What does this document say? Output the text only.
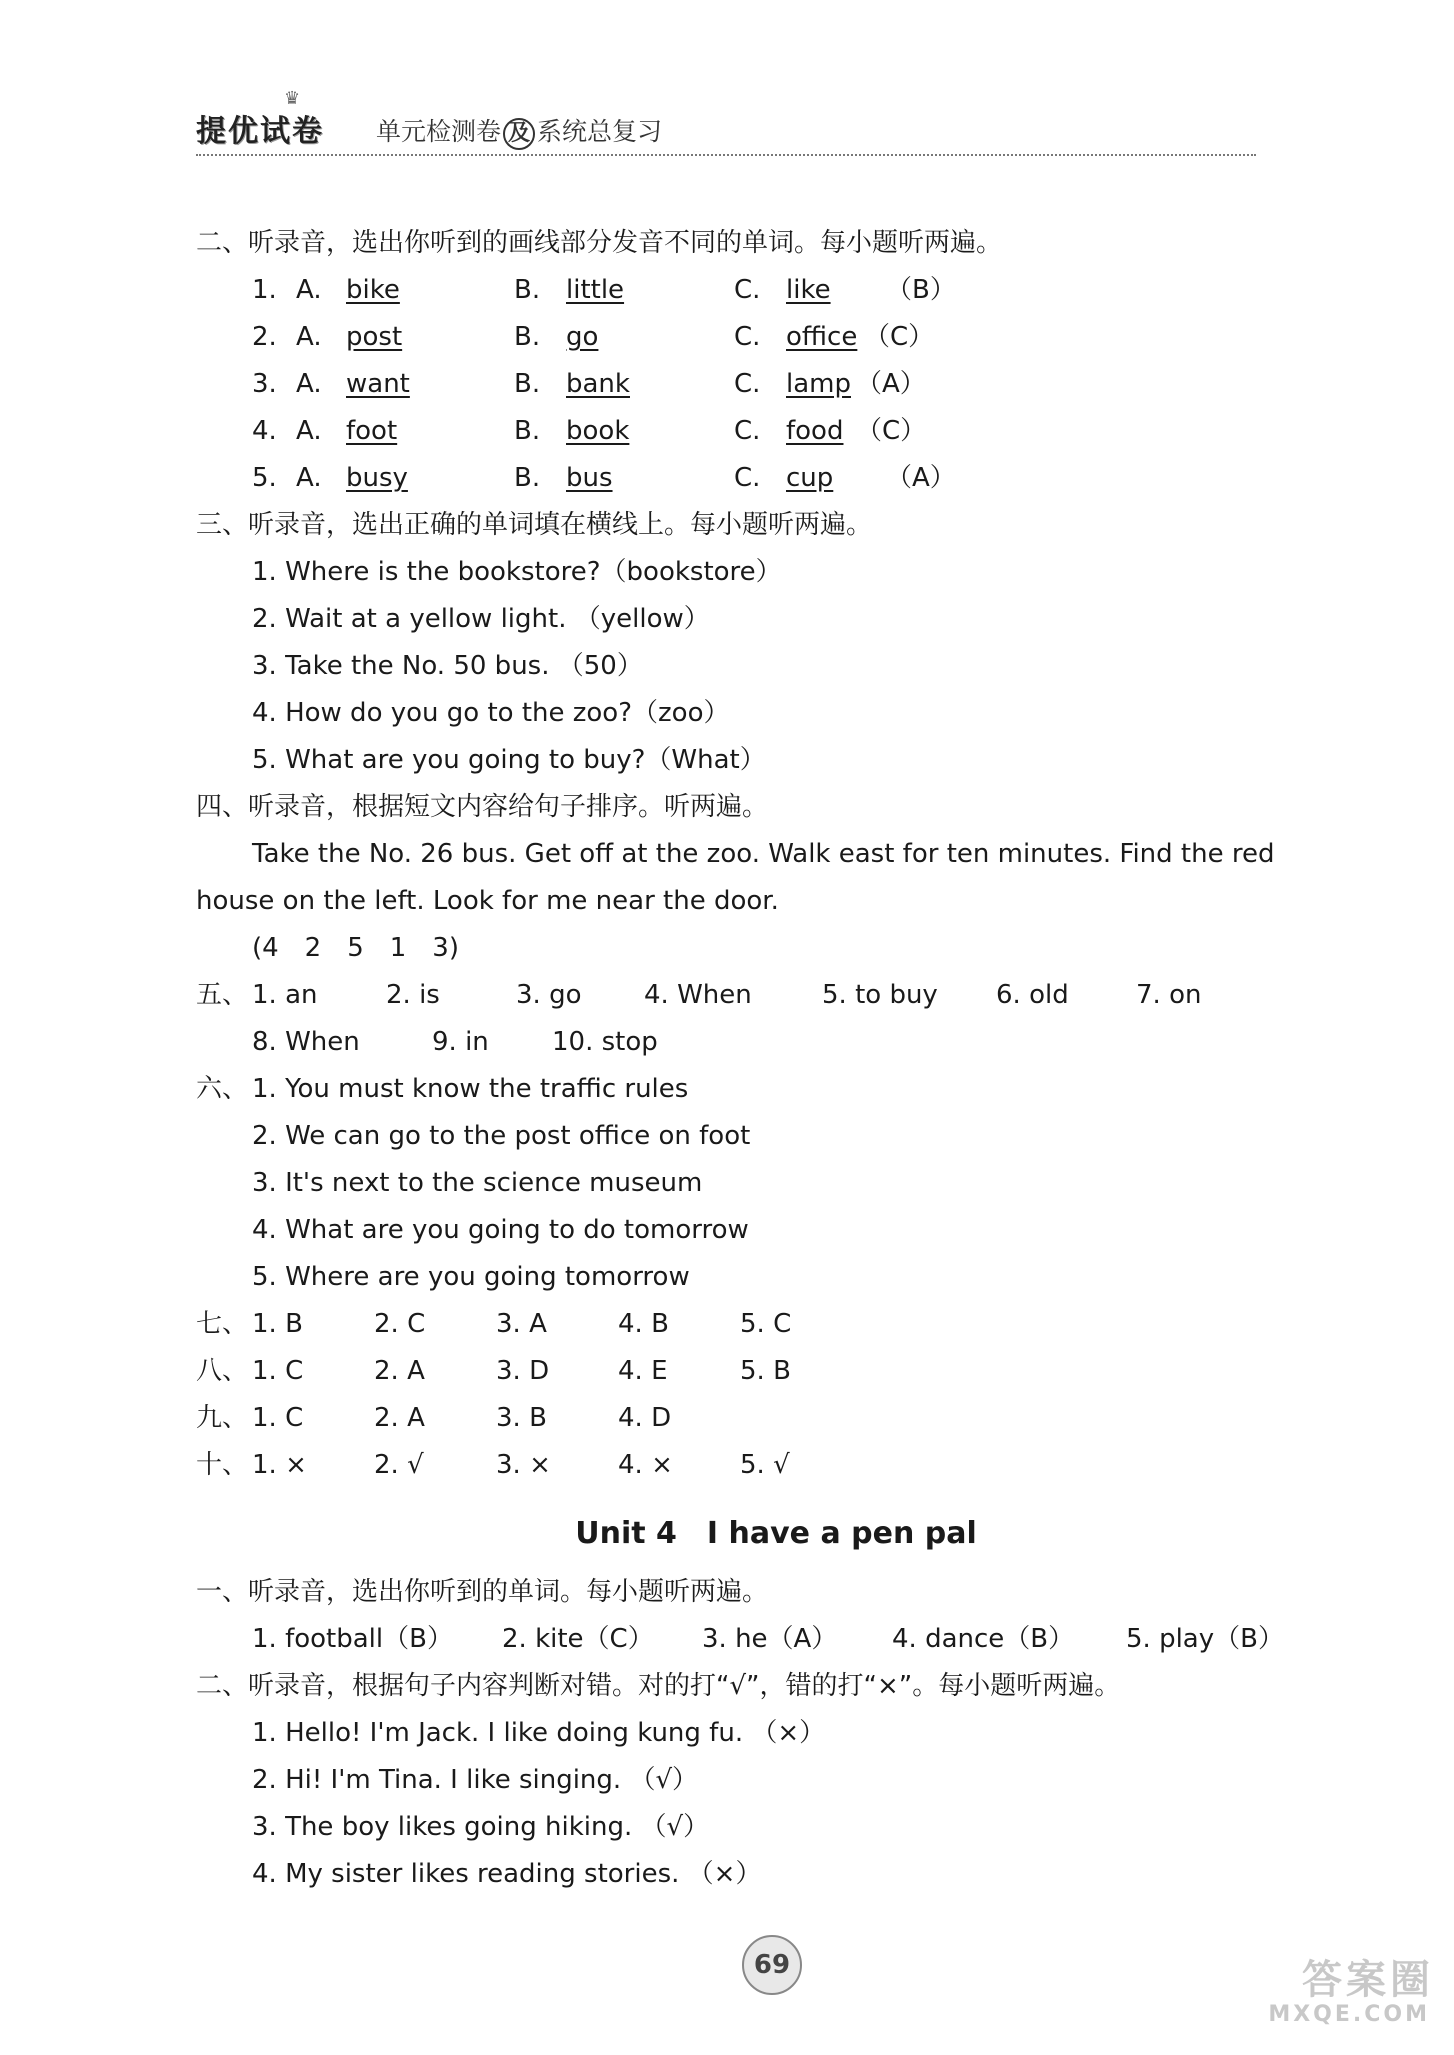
提优试卷
♛
单元检测卷 及 系统总复习
二、听录音，选出你听到的画线部分发音不同的单词。每小题听两遍。
1. A. bike	B. little	C. like （B）
2. A. post	B. go	C. office （C）
3. A. want	B. bank	C. lamp （A）
4. A. foot	B. book	C. food （C）
5. A. busy	B. bus	C. cup （A）
三、听录音，选出正确的单词填在横线上。每小题听两遍。
1. Where is the bookstore?（bookstore）
2. Wait at a yellow light. （yellow）
3. Take the No. 50 bus. （50）
4. How do you go to the zoo?（zoo）
5. What are you going to buy?（What）
四、听录音，根据短文内容给句子排序。听两遍。
Take the No. 26 bus. Get off at the zoo. Walk east for ten minutes. Find the red house on the left. Look for me near the door.
(4　2　5　1　3)
五、 1. an	2. is	3. go 4. When	5. to buy 6. old	7. on
8. When	9. in 10. stop
六、 1. You must know the traffic rules
2. We can go to the post office on foot
3. It's next to the science museum
4. What are you going to do tomorrow
5. Where are you going tomorrow
七、 1. B	2. C	3. A	4. B	5. C
八、 1. C	2. A	3. D	4. E	5. B
九、 1. C	2. A	3. B	4. D
十、 1. ×	2. √	3. ×	4. ×	5. √
Unit 4　I have a pen pal
一、听录音，选出你听到的单词。每小题听两遍。
1. football（B） 2. kite（C） 3. he（A） 4. dance（B） 5. play（B）
二、听录音，根据句子内容判断对错。对的打“√”，错的打“×”。每小题听两遍。
1. Hello! I'm Jack. I like doing kung fu. （×）
2. Hi! I'm Tina. I like singing. （√）
3. The boy likes going hiking. （√）
4. My sister likes reading stories. （×）
69	答案圈
MXQE.COM
